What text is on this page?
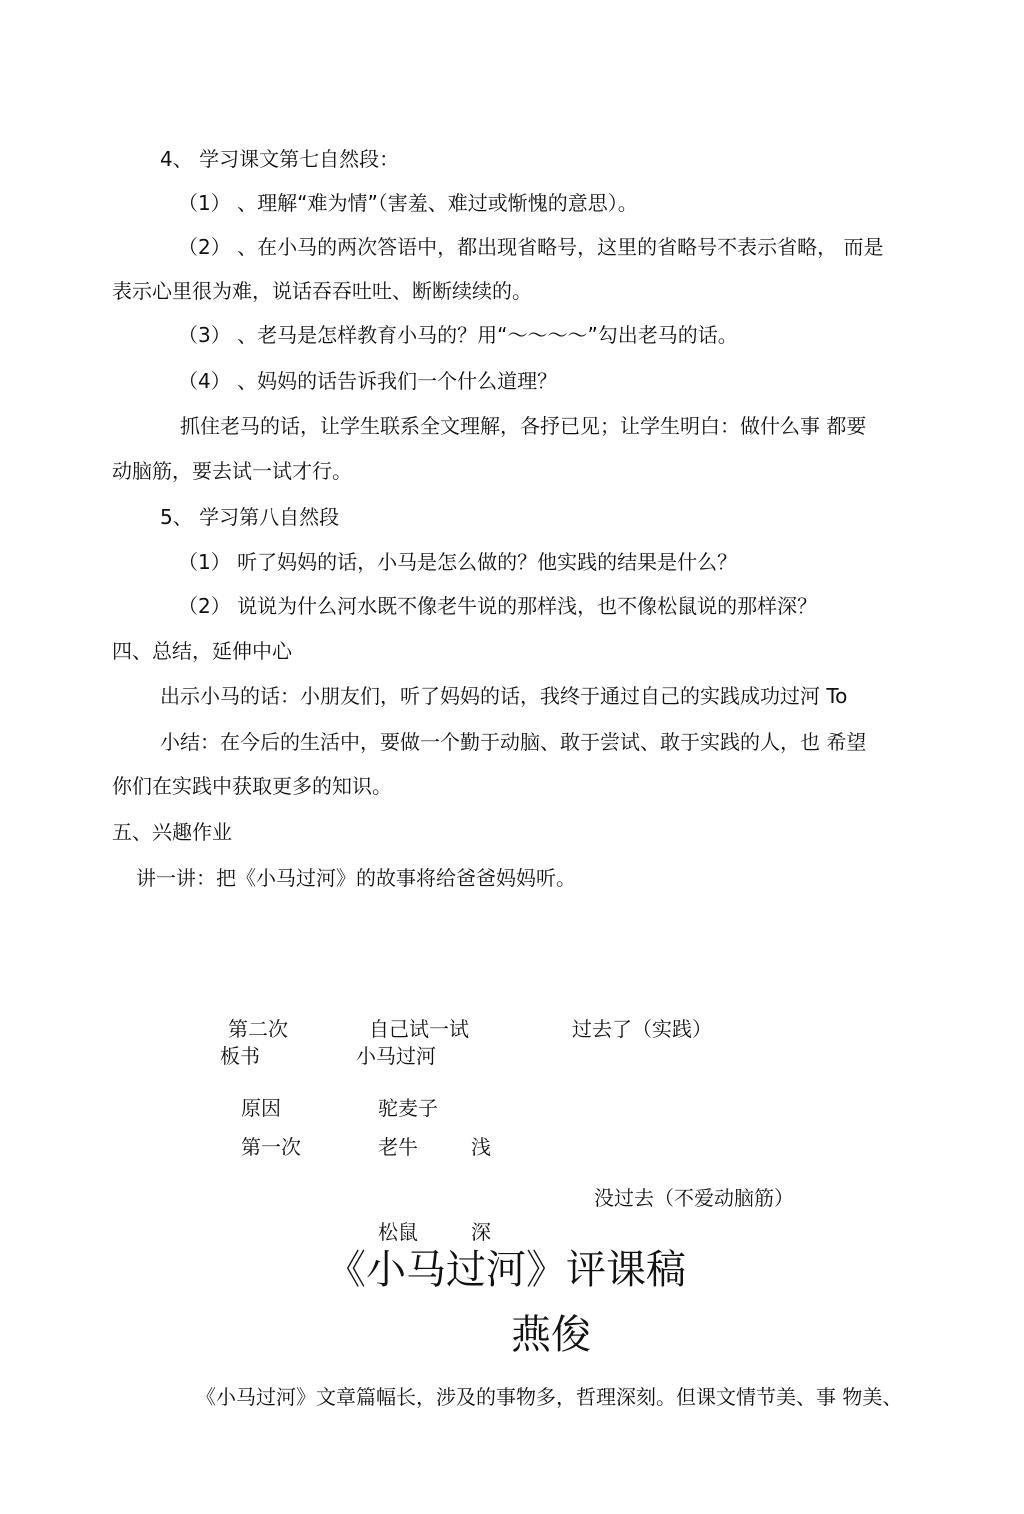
4、 学习课文第七自然段：
（1） 、理解“难为情”（害羞、难过或惭愧的意思）。
（2） 、在小马的两次答语中，都出现省略号，这里的省略号不表示省略， 而是
表示心里很为难，说话吞吞吐吐、断断续续的。
（3） 、老马是怎样教育小马的？用“～～～～”勾出老马的话。
（4） 、妈妈的话告诉我们一个什么道理？
抓住老马的话，让学生联系全文理解，各抒已见；让学生明白：做什么事 都要
动脑筋，要去试一试才行。
5、 学习第八自然段
（1） 听了妈妈的话，小马是怎么做的？他实践的结果是什么？
（2） 说说为什么河水既不像老牛说的那样浅，也不像松鼠说的那样深？
四、总结，延伸中心
出示小马的话：小朋友们，听了妈妈的话，我终于通过自己的实践成功过河 To
小结：在今后的生活中，要做一个勤于动脑、敢于尝试、敢于实践的人，也 希望
你们在实践中获取更多的知识。
五、兴趣作业
讲一讲：把《小马过河》的故事将给爸爸妈妈听。
第二次	自己试一试	过去了（实践）
板书	小马过河
原因	驼麦子
第一次	老牛	浅
没过去（不爱动脑筋）
松鼠	深
《小马过河》评课稿
燕俊
《小马过河》文章篇幅长，涉及的事物多，哲理深刻。但课文情节美、事 物美、
